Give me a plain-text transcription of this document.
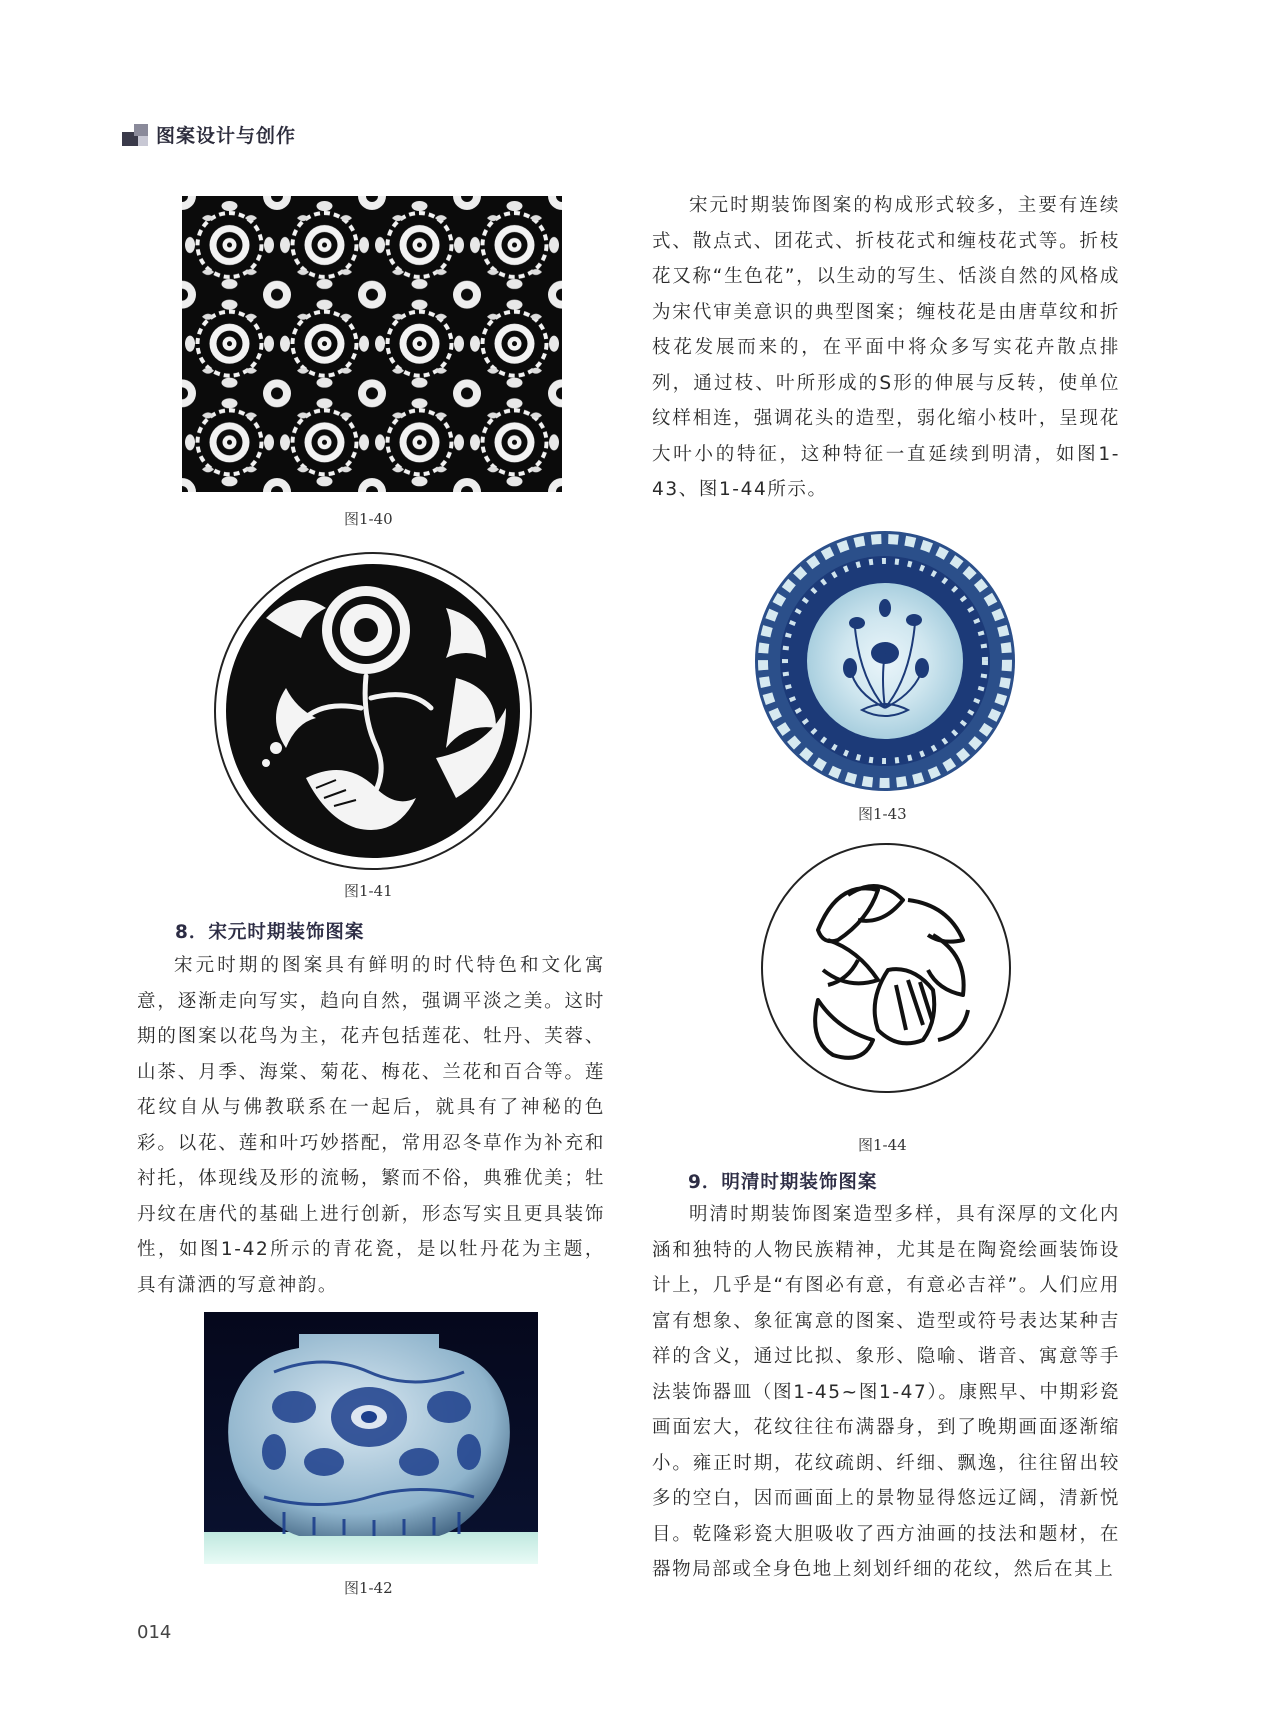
图案设计与创作
图1-40
图1-41
8．宋元时期装饰图案

宋元时期的图案具有鲜明的时代特色和文化寓意，逐渐走向写实，趋向自然，强调平淡之美。这时期的图案以花鸟为主，花卉包括莲花、牡丹、芙蓉、山茶、月季、海棠、菊花、梅花、兰花和百合等。莲花纹自从与佛教联系在一起后，就具有了神秘的色彩。以花、莲和叶巧妙搭配，常用忍冬草作为补充和衬托，体现线及形的流畅，繁而不俗，典雅优美；牡丹纹在唐代的基础上进行创新，形态写实且更具装饰性，如图1-42所示的青花瓷，是以牡丹花为主题，具有潇洒的写意神韵。

图1-42

宋元时期装饰图案的构成形式较多，主要有连续式、散点式、团花式、折枝花式和缠枝花式等。折枝花又称“生色花”，以生动的写生、恬淡自然的风格成为宋代审美意识的典型图案；缠枝花是由唐草纹和折枝花发展而来的，在平面中将众多写实花卉散点排列，通过枝、叶所形成的S形的伸展与反转，使单位纹样相连，强调花头的造型，弱化缩小枝叶，呈现花大叶小的特征，这种特征一直延续到明清，如图1-43、图1-44所示。

图1-43
图1-44
9．明清时期装饰图案

明清时期装饰图案造型多样，具有深厚的文化内涵和独特的人物民族精神，尤其是在陶瓷绘画装饰设计上，几乎是“有图必有意，有意必吉祥”。人们应用富有想象、象征寓意的图案、造型或符号表达某种吉祥的含义，通过比拟、象形、隐喻、谐音、寓意等手法装饰器皿（图1-45~图1-47）。康熙早、中期彩瓷画面宏大，花纹往往布满器身，到了晚期画面逐渐缩小。雍正时期，花纹疏朗、纤细、飘逸，往往留出较多的空白，因而画面上的景物显得悠远辽阔，清新悦目。乾隆彩瓷大胆吸收了西方油画的技法和题材，在器物局部或全身色地上刻划纤细的花纹，然后在其上

014
